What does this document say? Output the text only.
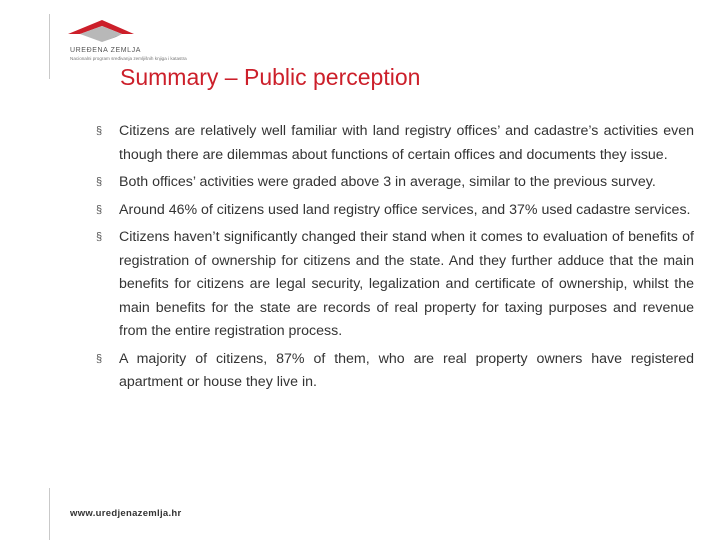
UREĐENA ZEMLJA
Nacionalni program sređivanja zemljišnih knjiga i katastra
Summary – Public perception
§ Citizens are relatively well familiar with land registry offices’ and cadastre’s activities even though there are dilemmas about functions of certain offices and documents they issue.
§ Both offices’ activities were graded above 3 in average, similar to the previous survey.
§ Around 46% of citizens used land registry office services, and 37% used cadastre services.
§ Citizens haven’t significantly changed their stand when it comes to evaluation of benefits of registration of ownership for citizens and the state. And they further adduce that the main benefits for citizens are legal security, legalization and certificate of ownership, whilst the main benefits for the state are records of real property for taxing purposes and revenue from the entire registration process.
§ A majority of citizens, 87% of them, who are real property owners have registered apartment or house they live in.
www.uredjenazemlja.hr
